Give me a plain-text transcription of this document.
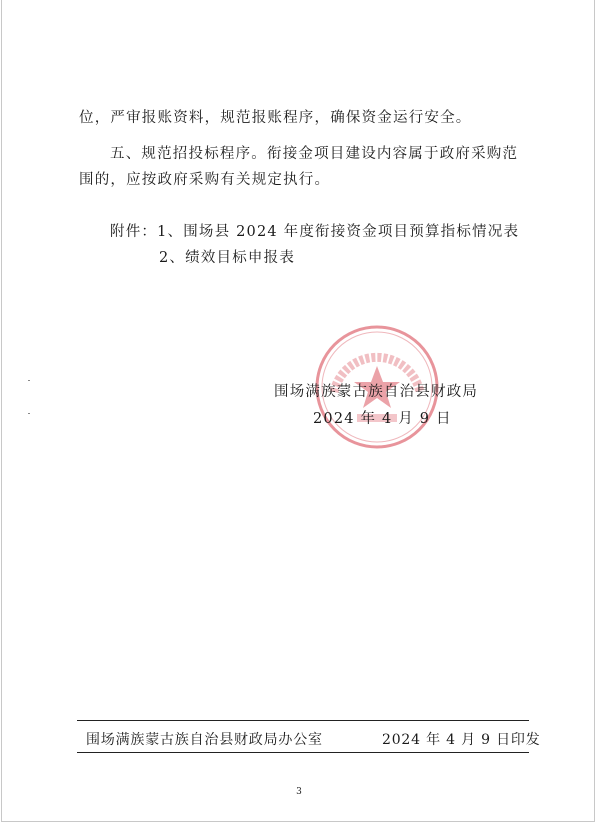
位，严审报账资料，规范报账程序，确保资金运行安全。
五、规范招投标程序。衔接金项目建设内容属于政府采购范
围的，应按政府采购有关规定执行。
附件：1、围场县 2024 年度衔接资金项目预算指标情况表
2、绩效目标申报表
围场满族蒙古族自治县财政局
2024 年 4 月 9 日
围场满族蒙古族自治县财政局办公室	2024 年 4 月 9 日印发
3
